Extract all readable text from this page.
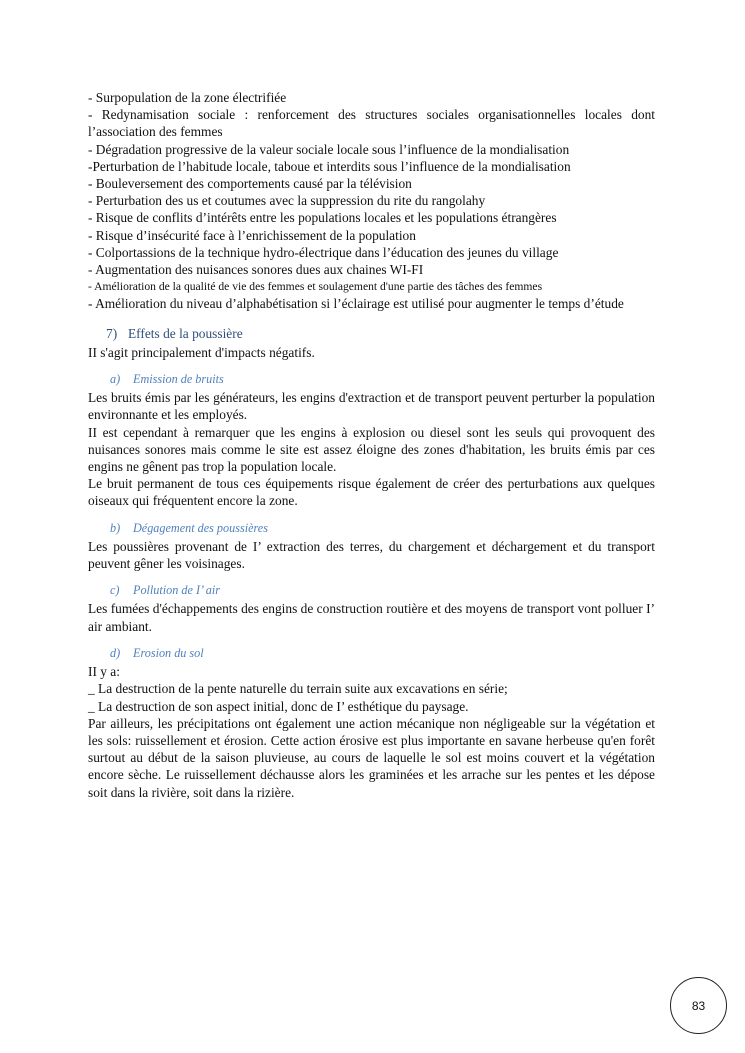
- Surpopulation de la zone électrifiée

- Redynamisation sociale : renforcement des structures sociales organisationnelles locales dont l’association des femmes

- Dégradation progressive de la valeur sociale locale sous l’influence de la mondialisation

-Perturbation de l’habitude locale, taboue et interdits sous l’influence de la mondialisation

- Bouleversement des comportements causé par la télévision

- Perturbation des us et coutumes avec la suppression du rite du rangolahy

- Risque de conflits d’intérêts entre les populations locales et les populations étrangères

- Risque d’insécurité face à l’enrichissement de la population

- Colportassions de la technique hydro-électrique dans l’éducation des jeunes du village

- Augmentation des nuisances sonores dues aux chaines WI-FI

- Amélioration de la qualité de vie des femmes et soulagement d'une partie des tâches des femmes

- Amélioration du niveau d’alphabétisation si l’éclairage est utilisé pour augmenter le temps d’étude

7) Effets de la poussière

II s'agit principalement d'impacts négatifs.

a) Emission de bruits

Les bruits émis par les générateurs, les engins d'extraction et de transport peuvent perturber la population environnante et les employés.

II est cependant à remarquer que les engins à explosion ou diesel sont les seuls qui provoquent des nuisances sonores mais comme le site est assez éloigne des zones d'habitation, les bruits émis par ces engins ne gênent pas trop la population locale.

Le bruit permanent de tous ces équipements risque également de créer des perturbations aux quelques oiseaux qui fréquentent encore la zone.

b) Dégagement des poussières

Les poussières provenant de I’ extraction des terres, du chargement et déchargement et du transport peuvent gêner les voisinages.

c) Pollution de I’ air

Les fumées d'échappements des engins de construction routière et des moyens de transport vont polluer I’ air ambiant.

d) Erosion du sol

II y a:

_ La destruction de la pente naturelle du terrain suite aux excavations en série;

_ La destruction de son aspect initial, donc de I’ esthétique du paysage.

Par ailleurs, les précipitations ont également une action mécanique non négligeable sur la végétation et les sols: ruissellement et érosion. Cette action érosive est plus importante en savane herbeuse qu'en forêt surtout au début de la saison pluvieuse, au cours de laquelle le sol est moins couvert et la végétation encore sèche. Le ruissellement déchausse alors les graminées et les arrache sur les pentes et les dépose soit dans la rivière, soit dans la rizière.

83
